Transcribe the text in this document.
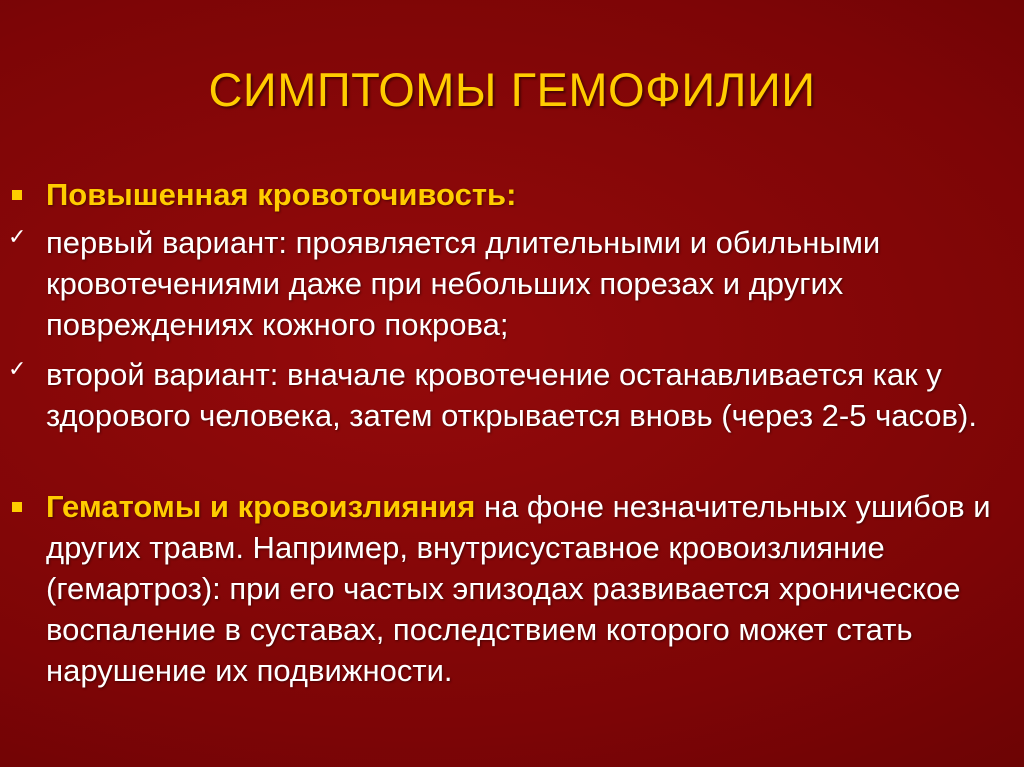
СИМПТОМЫ ГЕМОФИЛИИ
Повышенная кровоточивость:
✓ первый вариант: проявляется длительными и обильными кровотечениями даже при небольших порезах и других повреждениях кожного покрова;
✓ второй вариант: вначале кровотечение останавливается как у здорового человека, затем открывается вновь (через 2-5 часов).
Гематомы и кровоизлияния на фоне незначительных ушибов и других травм. Например, внутрисуставное кровоизлияние (гемартроз): при его частых эпизодах развивается хроническое воспаление в суставах, последствием которого может стать нарушение их подвижности.
